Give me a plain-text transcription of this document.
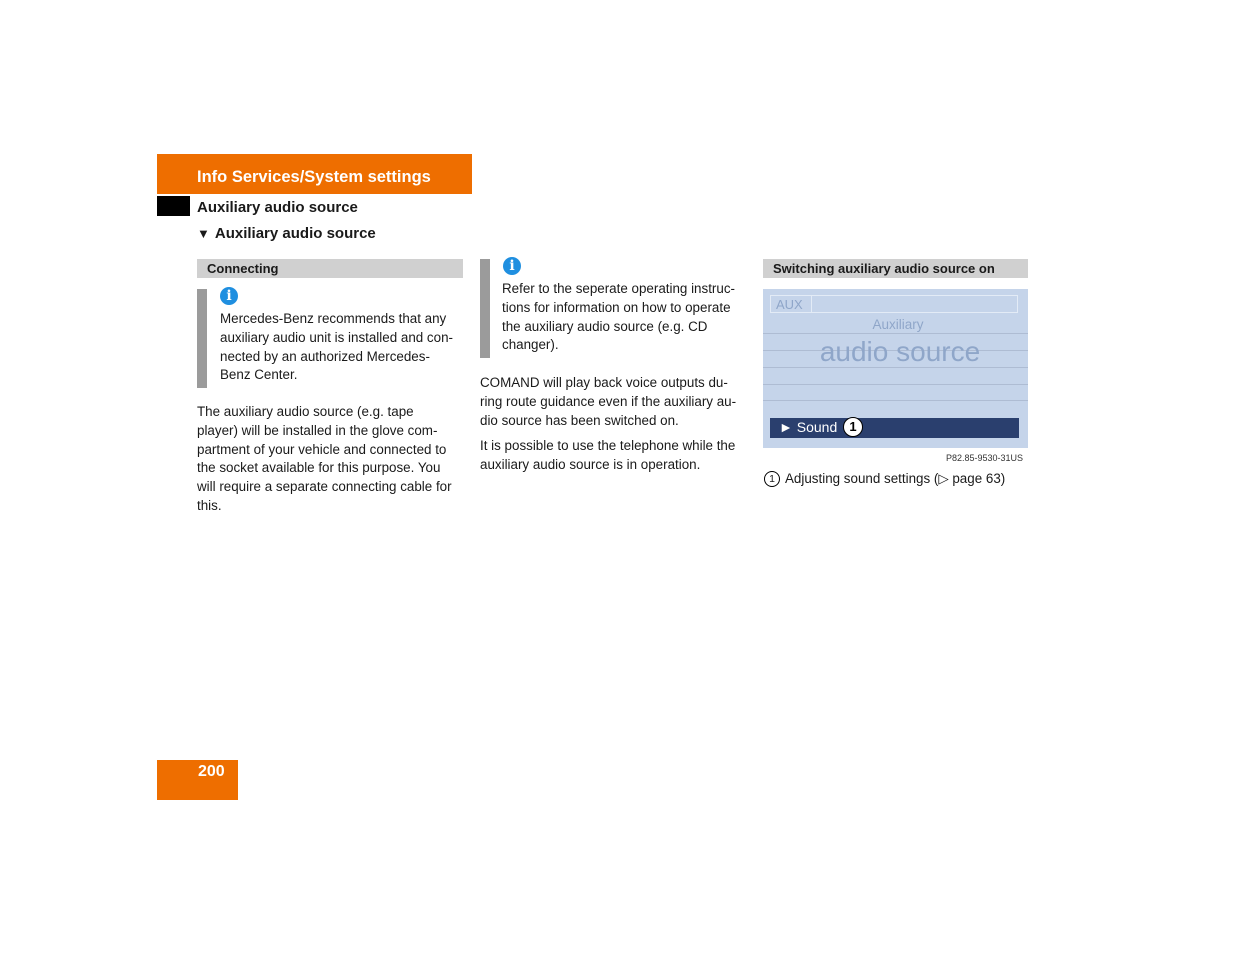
Info Services/System settings
Auxiliary audio source
▼ Auxiliary audio source
Connecting
i

Mercedes-Benz recommends that any

auxiliary audio unit is installed and con-

nected by an authorized Mercedes-

Benz Center.

The auxiliary audio source (e.g. tape

player) will be installed in the glove com-

partment of your vehicle and connected to

the socket available for this purpose. You

will require a separate connecting cable for

this.

i

Refer to the seperate operating instruc-

tions for information on how to operate

the auxiliary audio source (e.g. CD

changer).

COMAND will play back voice outputs du-

ring route guidance even if the auxiliary au-

dio source has been switched on.

It is possible to use the telephone while the

auxiliary audio source is in operation.

Switching auxiliary audio source on
AUX
Auxiliary
audio source
► Sound 1
P82.85-9530-31US
1 Adjusting sound settings (▷ page 63)
200
